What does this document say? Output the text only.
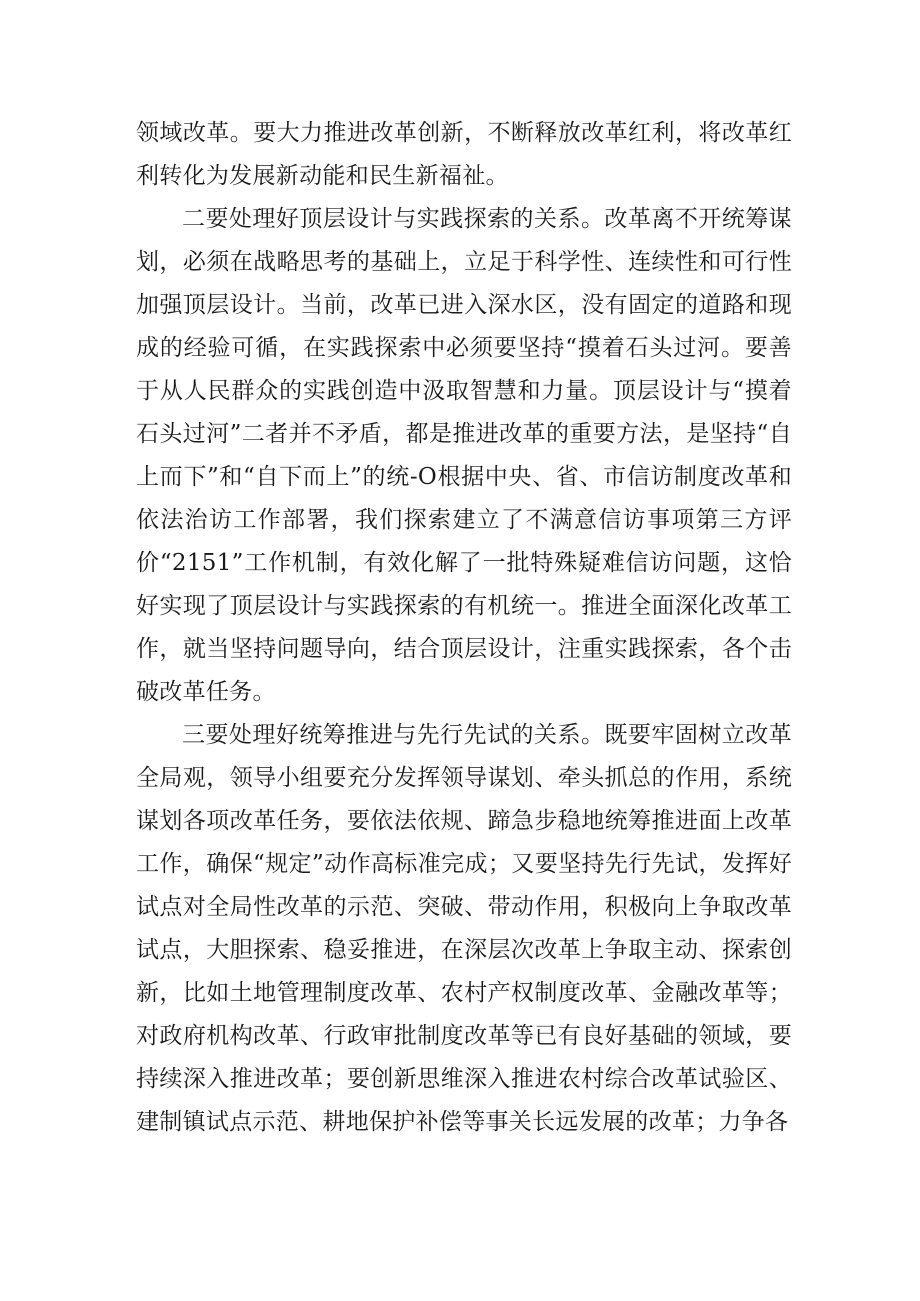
领域改革。要大力推进改革创新，不断释放改革红利，将改革红利转化为发展新动能和民生新福祉。

二要处理好顶层设计与实践探索的关系。改革离不开统筹谋划，必须在战略思考的基础上，立足于科学性、连续性和可行性加强顶层设计。当前，改革已进入深水区，没有固定的道路和现成的经验可循，在实践探索中必须要坚持“摸着石头过河。要善于从人民群众的实践创造中汲取智慧和力量。顶层设计与“摸着石头过河”二者并不矛盾，都是推进改革的重要方法，是坚持“自上而下”和“自下而上”的统-O根据中央、省、市信访制度改革和依法治访工作部署，我们探索建立了不满意信访事项第三方评价“2151”工作机制，有效化解了一批特殊疑难信访问题，这恰好实现了顶层设计与实践探索的有机统一。推进全面深化改革工作，就当坚持问题导向，结合顶层设计，注重实践探索，各个击破改革任务。

三要处理好统筹推进与先行先试的关系。既要牢固树立改革全局观，领导小组要充分发挥领导谋划、牵头抓总的作用，系统谋划各项改革任务，要依法依规、蹄急步稳地统筹推进面上改革工作，确保“规定”动作高标准完成；又要坚持先行先试，发挥好试点对全局性改革的示范、突破、带动作用，积极向上争取改革试点，大胆探索、稳妥推进，在深层次改革上争取主动、探索创新，比如土地管理制度改革、农村产权制度改革、金融改革等；对政府机构改革、行政审批制度改革等已有良好基础的领域，要持续深入推进改革；要创新思维深入推进农村综合改革试验区、建制镇试点示范、耕地保护补偿等事关长远发展的改革；力争各
